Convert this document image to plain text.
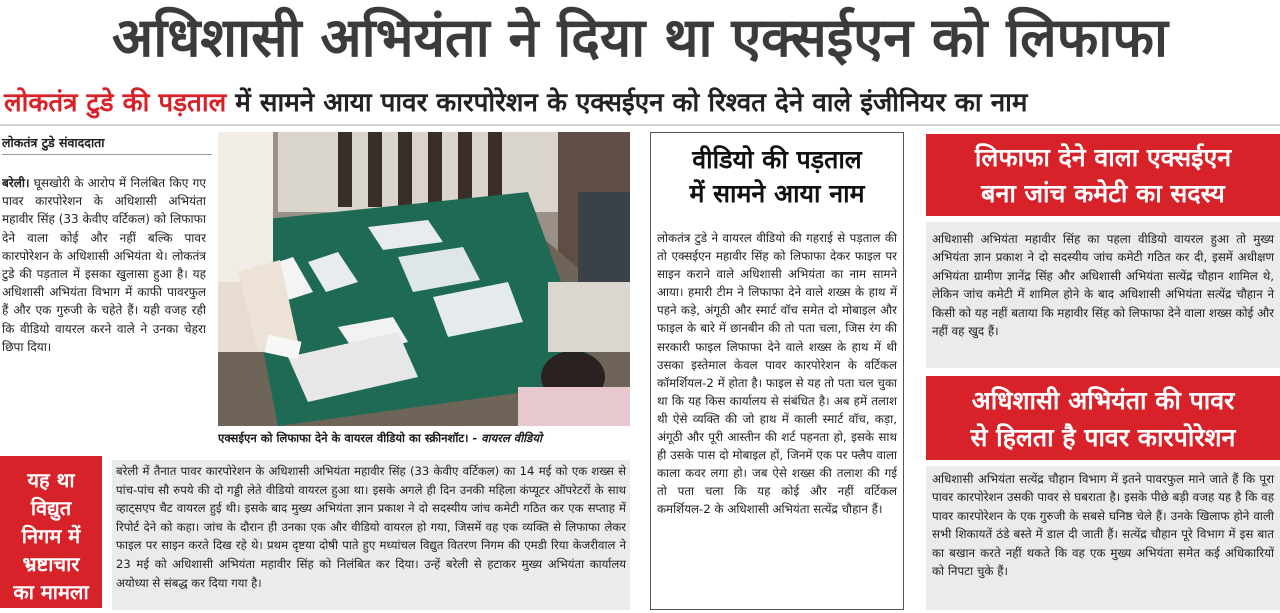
अधिशासी अभियंता ने दिया था एक्सईएन को लिफाफा
लोकतंत्र टुडे की पड़ताल में सामने आया पावर कारपोरेशन के एक्सईएन को रिश्वत देने वाले इंजीनियर का नाम
लोकतंत्र टुडे संवाददाता
बरेली। घूसखोरी के आरोप में निलंबित किए गए पावर कारपोरेशन के अधिशासी अभियंता महावीर सिंह (33 केवीए वर्टिकल) को लिफाफा देने वाला कोई और नहीं बल्कि पावर कारपोरेशन के अधिशासी अभियंता थे। लोकतंत्र टुडे की पड़ताल में इसका खुलासा हुआ है। यह अधिशासी अभियंता विभाग में काफी पावरफुल हैं और एक गुरुजी के चहेते हैं। यही वजह रही कि वीडियो वायरल करने वाले ने उनका चेहरा छिपा दिया।
एक्सईएन को लिफाफा देने के वायरल वीडियो का स्क्रीनशॉट। - वायरल वीडियो
यह था
विद्युत
निगम में
भ्रष्टाचार
का मामला
बरेली में तैनात पावर कारपोरेशन के अधिशासी अभियंता महावीर सिंह (33 केवीए वर्टिकल) का 14 मई को एक शख्स से पांच-पांच सौ रुपये की दो गड्डी लेते वीडियो वायरल हुआ था। इसके अगले ही दिन उनकी महिला कंप्यूटर ऑपरेटरों के साथ व्हाट्सएप चैट वायरल हुई थी। इसके बाद मुख्य अभियंता ज्ञान प्रकाश ने दो सदस्यीय जांच कमेटी गठित कर एक सप्ताह में रिपोर्ट देने को कहा। जांच के दौरान ही उनका एक और वीडियो वायरल हो गया, जिसमें वह एक व्यक्ति से लिफाफा लेकर फाइल पर साइन करते दिख रहे थे। प्रथम दृष्टया दोषी पाते हुए मध्यांचल विद्युत वितरण निगम की एमडी रिया केजरीवाल ने 23 मई को अधिशासी अभियंता महावीर सिंह को निलंबित कर दिया। उन्हें बरेली से हटाकर मुख्य अभियंता कार्यालय अयोध्या से संबद्ध कर दिया गया है।
वीडियो की पड़ताल
में सामने आया नाम
लोकतंत्र टुडे ने वायरल वीडियो की गहराई से पड़ताल की तो एक्सईएन महावीर सिंह को लिफाफा देकर फाइल पर साइन कराने वाले अधिशासी अभियंता का नाम सामने आया। हमारी टीम ने लिफाफा देने वाले शख्स के हाथ में पहने कड़े, अंगूठी और स्मार्ट वॉच समेत दो मोबाइल और फाइल के बारे में छानबीन की तो पता चला, जिस रंग की सरकारी फाइल लिफाफा देने वाले शख्स के हाथ में थी उसका इस्तेमाल केवल पावर कारपोरेशन के वर्टिकल कॉमर्शियल-2 में होता है। फाइल से यह तो पता चल चुका था कि यह किस कार्यालय से संबंधित है। अब हमें तलाश थी ऐसे व्यक्ति की जो हाथ में काली स्मार्ट वॉच, कड़ा, अंगूठी और पूरी आस्तीन की शर्ट पहनता हो, इसके साथ ही उसके पास दो मोबाइल हों, जिनमें एक पर फ्लैप वाला काला कवर लगा हो। जब ऐसे शख्स की तलाश की गई तो पता चला कि यह कोई और नहीं वर्टिकल कमर्शियल-2 के अधिशासी अभियंता सत्येंद्र चौहान हैं।
लिफाफा देने वाला एक्सईएन
बना जांच कमेटी का सदस्य
अधिशासी अभियंता महावीर सिंह का पहला वीडियो वायरल हुआ तो मुख्य अभियंता ज्ञान प्रकाश ने दो सदस्यीय जांच कमेटी गठित कर दी, इसमें अधीक्षण अभियंता ग्रामीण ज्ञानेंद्र सिंह और अधिशासी अभियंता सत्येंद्र चौहान शामिल थे, लेकिन जांच कमेटी में शामिल होने के बाद अधिशासी अभियंता सत्येंद्र चौहान ने किसी को यह नहीं बताया कि महावीर सिंह को लिफाफा देने वाला शख्स कोई और नहीं वह खुद हैं।
अधिशासी अभियंता की पावर
से हिलता है पावर कारपोरेशन
अधिशासी अभियंता सत्येंद्र चौहान विभाग में इतने पावरफुल माने जाते हैं कि पूरा पावर कारपोरेशन उसकी पावर से घबराता है। इसके पीछे बड़ी वजह यह है कि वह पावर कारपोरेशन के एक गुरुजी के सबसे घनिष्ठ चेले हैं। उनके खिलाफ होने वाली सभी शिकायतें ठंडे बस्ते में डाल दी जाती हैं। सत्येंद्र चौहान पूरे विभाग में इस बात का बखान करते नहीं थकते कि वह एक मुख्य अभियंता समेत कई अधिकारियों को निपटा चुके हैं।
